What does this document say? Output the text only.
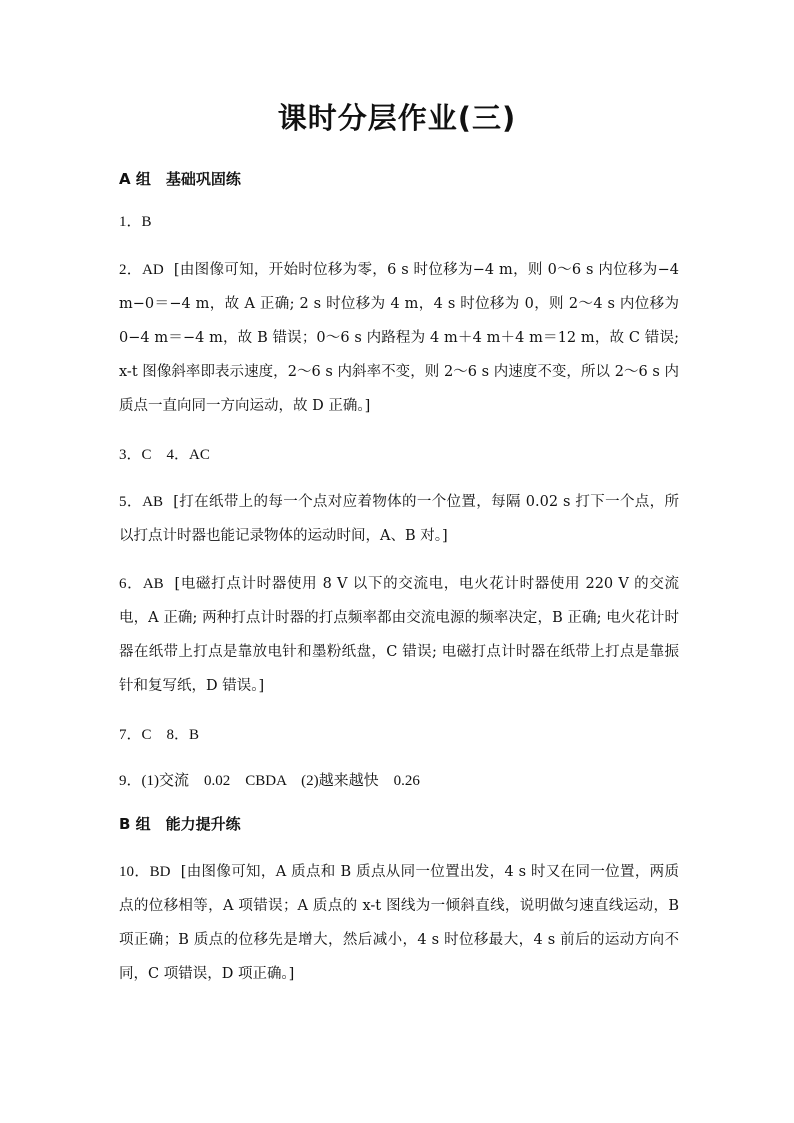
课时分层作业(三)
A 组　基础巩固练
1．B
2．AD [由图像可知，开始时位移为零，6 s 时位移为−4 m，则 0～6 s 内位移为−4 m−0＝−4 m，故 A 正确; 2 s 时位移为 4 m，4 s 时位移为 0，则 2～4 s 内位移为 0−4 m＝−4 m，故 B 错误；0～6 s 内路程为 4 m＋4 m＋4 m＝12 m，故 C 错误; x-t 图像斜率即表示速度，2～6 s 内斜率不变，则 2～6 s 内速度不变，所以 2～6 s 内质点一直向同一方向运动，故 D 正确。]
3．C　4．AC
5．AB [打在纸带上的每一个点对应着物体的一个位置，每隔 0.02 s 打下一个点，所以打点计时器也能记录物体的运动时间，A、B 对。]
6．AB [电磁打点计时器使用 8 V 以下的交流电，电火花计时器使用 220 V 的交流电，A 正确; 两种打点计时器的打点频率都由交流电源的频率决定，B 正确; 电火花计时器在纸带上打点是靠放电针和墨粉纸盘，C 错误; 电磁打点计时器在纸带上打点是靠振针和复写纸，D 错误。]
7．C　8．B
9．(1)交流　0.02　CBDA　(2)越来越快　0.26
B 组　能力提升练
10．BD [由图像可知，A 质点和 B 质点从同一位置出发，4 s 时又在同一位置，两质点的位移相等，A 项错误；A 质点的 x-t 图线为一倾斜直线，说明做匀速直线运动，B 项正确；B 质点的位移先是增大，然后减小，4 s 时位移最大，4 s 前后的运动方向不同，C 项错误，D 项正确。]
